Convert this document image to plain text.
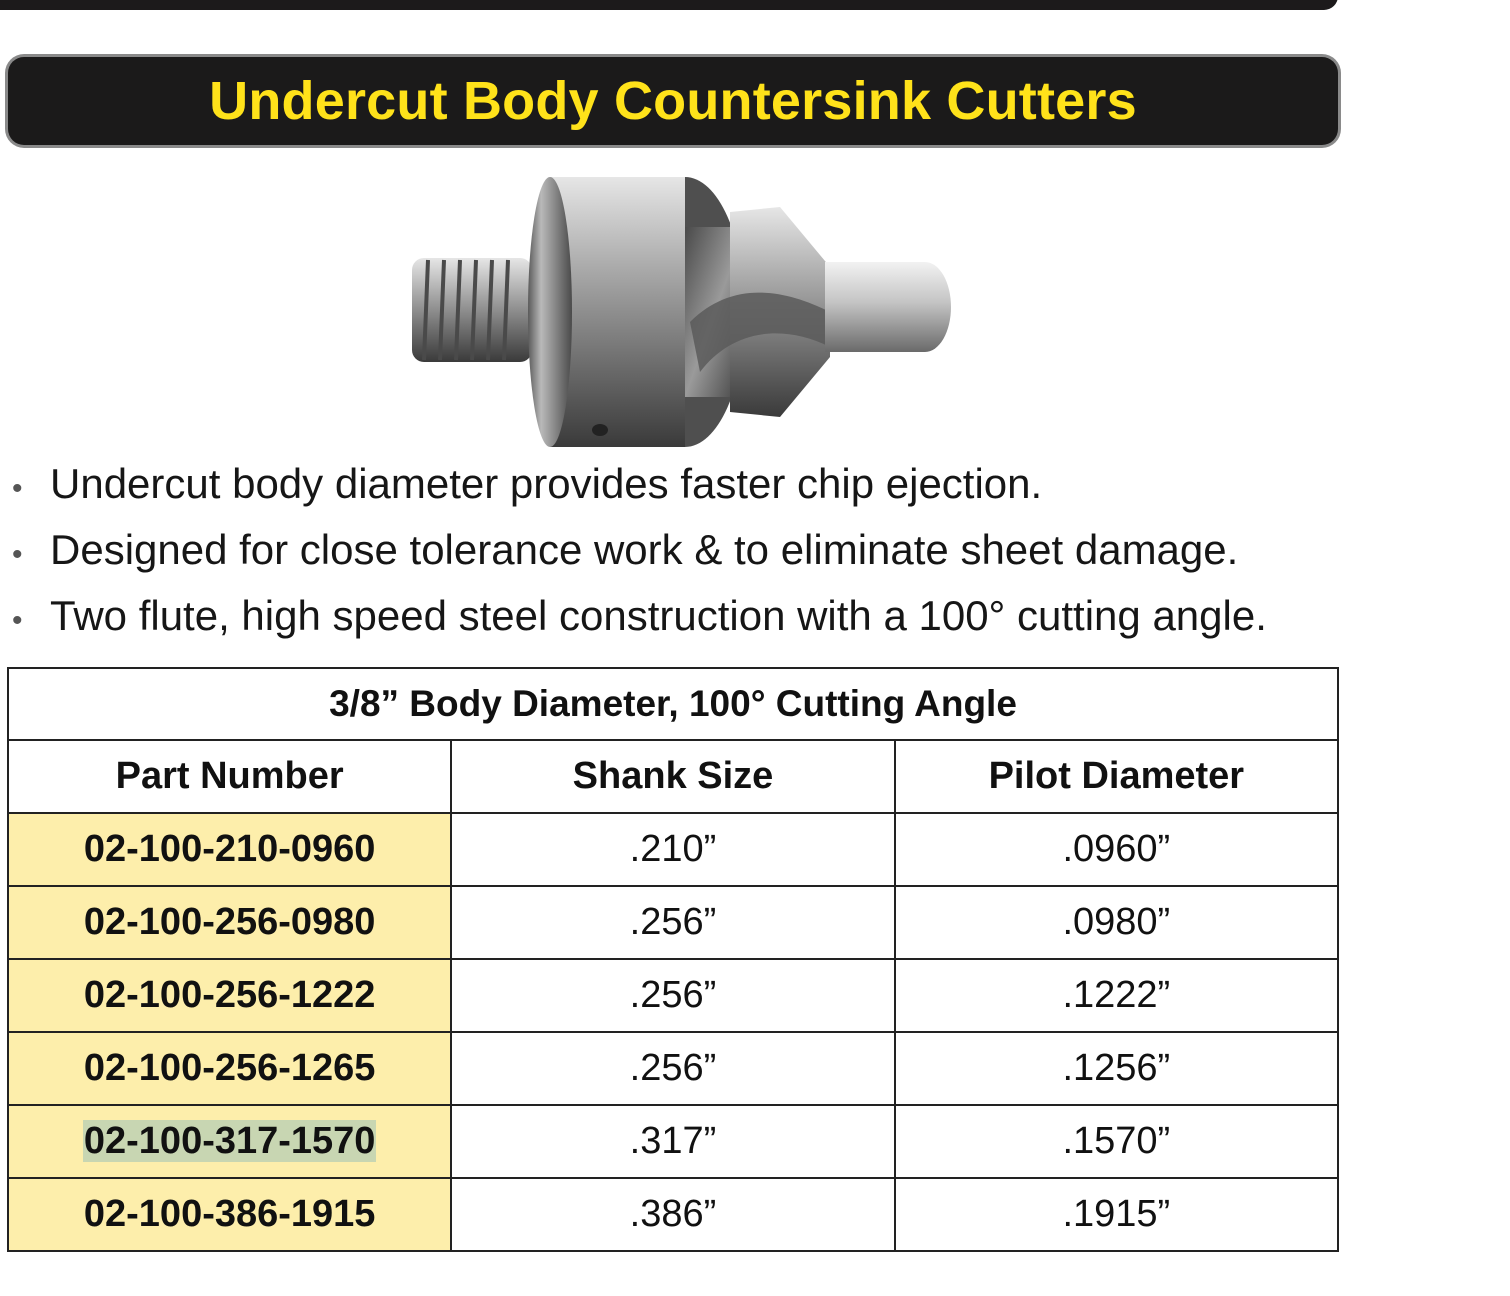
Undercut Body Countersink Cutters
• Undercut body diameter provides faster chip ejection.
• Designed for close tolerance work & to eliminate sheet damage.
• Two flute, high speed steel construction with a 100° cutting angle.
3/8” Body Diameter, 100° Cutting Angle		
Part Number	Shank Size	Pilot Diameter
02-100-210-0960	.210”	.0960”
02-100-256-0980	.256”	.0980”
02-100-256-1222	.256”	.1222”
02-100-256-1265	.256”	.1256”
02-100-317-1570	.317”	.1570”
02-100-386-1915	.386”	.1915”
